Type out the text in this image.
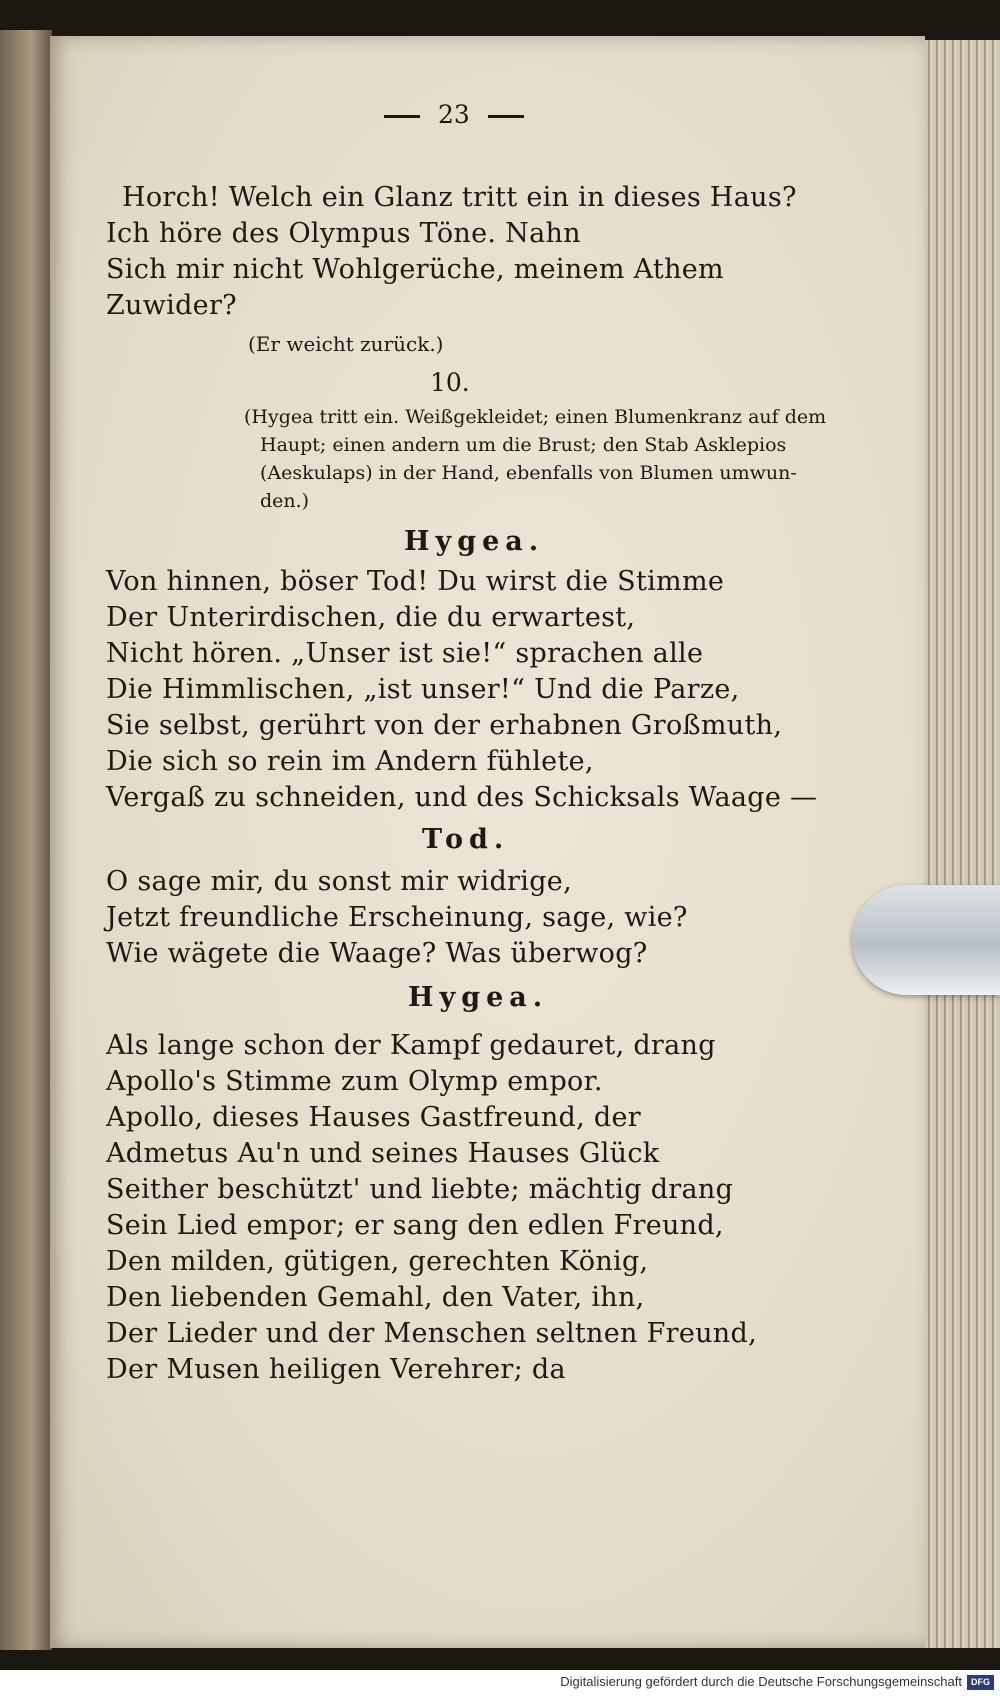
23

Horch! Welch ein Glanz tritt ein in dieses Haus?

Ich höre des Olympus Töne. Nahn

Sich mir nicht Wohlgerüche, meinem Athem

Zuwider?

(Er weicht zurück.)

10.

(Hygea tritt ein. Weißgekleidet; einen Blumenkranz auf dem

Haupt; einen andern um die Brust; den Stab Asklepios

(Aeskulaps) in der Hand, ebenfalls von Blumen umwun-

den.)

Hygea.

Von hinnen, böser Tod! Du wirst die Stimme

Der Unterirdischen, die du erwartest,

Nicht hören. „Unser ist sie!“ sprachen alle

Die Himmlischen, „ist unser!“ Und die Parze,

Sie selbst, gerührt von der erhabnen Großmuth,

Die sich so rein im Andern fühlete,

Vergaß zu schneiden, und des Schicksals Waage —

Tod.

O sage mir, du sonst mir widrige,

Jetzt freundliche Erscheinung, sage, wie?

Wie wägete die Waage? Was überwog?

Hygea.

Als lange schon der Kampf gedauret, drang

Apollo's Stimme zum Olymp empor.

Apollo, dieses Hauses Gastfreund, der

Admetus Au'n und seines Hauses Glück

Seither beschützt' und liebte; mächtig drang

Sein Lied empor; er sang den edlen Freund,

Den milden, gütigen, gerechten König,

Den liebenden Gemahl, den Vater, ihn,

Der Lieder und der Menschen seltnen Freund,

Der Musen heiligen Verehrer; da

Digitalisierung gefördert durch die Deutsche Forschungsgemeinschaft	DFG
